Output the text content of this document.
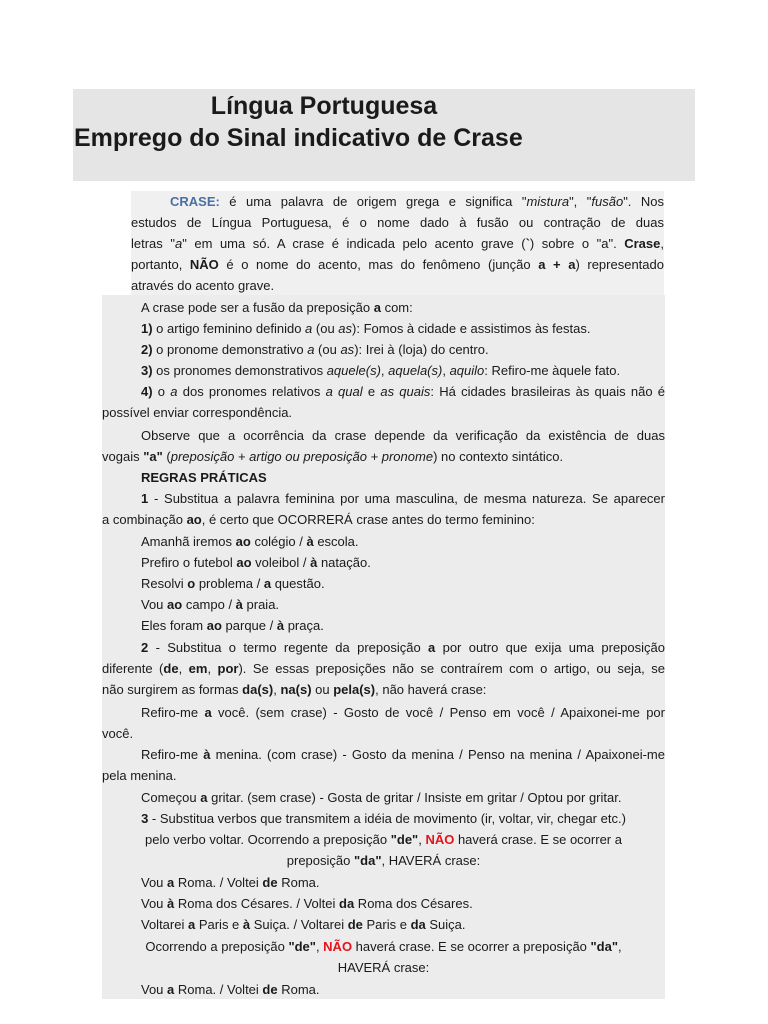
Língua Portuguesa
Emprego do Sinal indicativo de Crase
CRASE: é uma palavra de origem grega e significa "mistura", "fusão". Nos
estudos de Língua Portuguesa, é o nome dado à fusão ou contração de duas
letras "a" em uma só. A crase é indicada pelo acento grave (`) sobre o "a". Crase,
portanto, NÃO é o nome do acento, mas do fenômeno (junção a + a) representado
através do acento grave.
A crase pode ser a fusão da preposição a com:
1) o artigo feminino definido a (ou as): Fomos à cidade e assistimos às festas.
2) o pronome demonstrativo a (ou as): Irei à (loja) do centro.
3) os pronomes demonstrativos aquele(s), aquela(s), aquilo: Refiro-me àquele fato.
4) o a dos pronomes relativos a qual e as quais: Há cidades brasileiras às quais não é
possível enviar correspondência.
Observe que a ocorrência da crase depende da verificação da existência de duas
vogais "a" (preposição + artigo ou preposição + pronome) no contexto sintático.
REGRAS PRÁTICAS
1 - Substitua a palavra feminina por uma masculina, de mesma natureza. Se aparecer
a combinação ao, é certo que OCORRERÁ crase antes do termo feminino:
Amanhã iremos ao colégio / à escola.
Prefiro o futebol ao voleibol / à natação.
Resolvi o problema / a questão.
Vou ao campo / à praia.
Eles foram ao parque / à praça.
2 - Substitua o termo regente da preposição a por outro que exija uma preposição
diferente (de, em, por). Se essas preposições não se contraírem com o artigo, ou seja, se
não surgirem as formas da(s), na(s) ou pela(s), não haverá crase:
Refiro-me a você. (sem crase) - Gosto de você / Penso em você / Apaixonei-me por
você.
Refiro-me à menina. (com crase) - Gosto da menina / Penso na menina / Apaixonei-me
pela menina.
Começou a gritar. (sem crase) - Gosta de gritar / Insiste em gritar / Optou por gritar.
3 - Substitua verbos que transmitem a idéia de movimento (ir, voltar, vir, chegar etc.)
pelo verbo voltar. Ocorrendo a preposição "de", NÃO haverá crase. E se ocorrer a
preposição "da", HAVERÁ crase:
Vou a Roma. / Voltei de Roma.
Vou à Roma dos Césares. / Voltei da Roma dos Césares.
Voltarei a Paris e à Suiça. / Voltarei de Paris e da Suiça.
Ocorrendo a preposição "de", NÃO haverá crase. E se ocorrer a preposição "da",
HAVERÁ crase:
Vou a Roma. / Voltei de Roma.
